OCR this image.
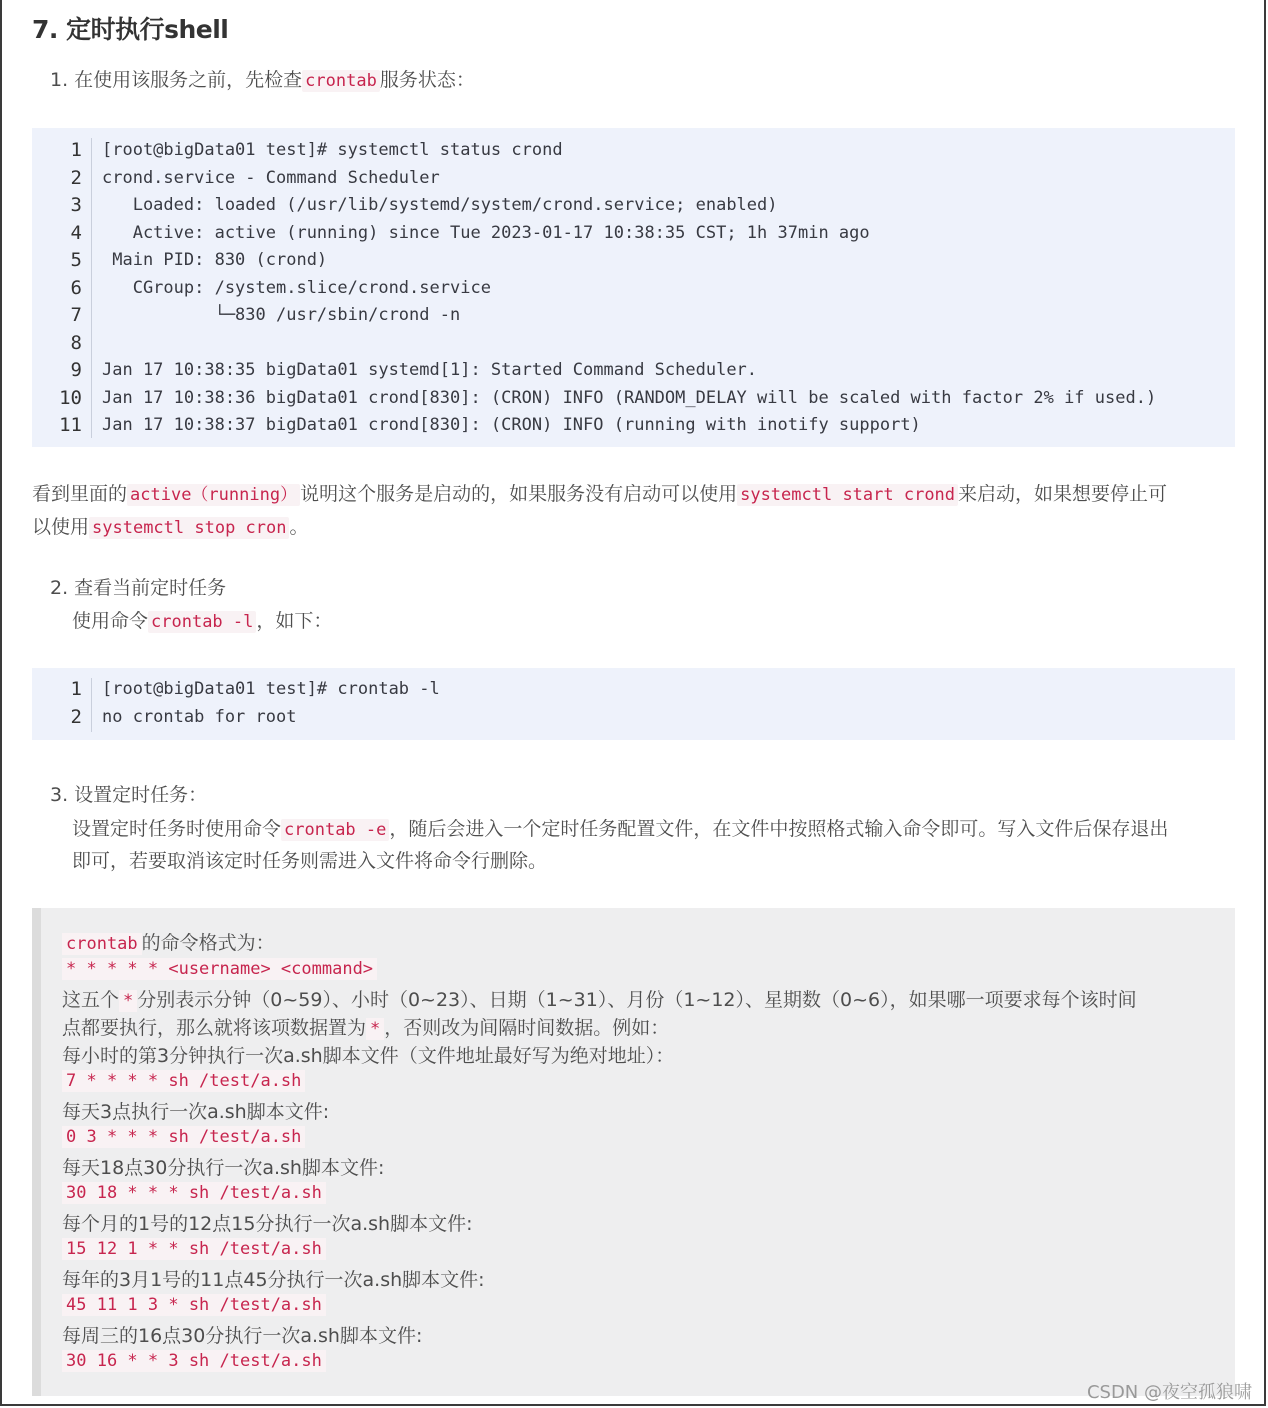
7. 定时执行shell
1. 在使用该服务之前，先检查 crontab 服务状态：
1 [root@bigData01 test]# systemctl status crond
2 crond.service - Command Scheduler
3 Loaded: loaded (/usr/lib/systemd/system/crond.service; enabled)
4 Active: active (running) since Tue 2023-01-17 10:38:35 CST; 1h 37min ago
5 Main PID: 830 (crond)
6 CGroup: /system.slice/crond.service
7 └─830 /usr/sbin/crond -n
8
9 Jan 17 10:38:35 bigData01 systemd[1]: Started Command Scheduler.
10 Jan 17 10:38:36 bigData01 crond[830]: (CRON) INFO (RANDOM_DELAY will be scaled with factor 2% if used.)
11 Jan 17 10:38:37 bigData01 crond[830]: (CRON) INFO (running with inotify support)
看到里面的 active（running） 说明这个服务是启动的，如果服务没有启动可以使用 systemctl start crond 来启动，如果想要停止可
以使用 systemctl stop cron 。
2. 查看当前定时任务
使用命令 crontab -l ，如下：
1 [root@bigData01 test]# crontab -l
2 no crontab for root
3. 设置定时任务：
设置定时任务时使用命令 crontab -e ，随后会进入一个定时任务配置文件，在文件中按照格式输入命令即可。写入文件后保存退出
即可，若要取消该定时任务则需进入文件将命令行删除。
crontab 的命令格式为：
* * * * * <username> <command>
这五个 * 分别表示分钟（0~59）、小时（0~23）、日期（1~31）、月份（1~12）、星期数（0~6），如果哪一项要求每个该时间
点都要执行，那么就将该项数据置为 * ，否则改为间隔时间数据。例如：
每小时的第3分钟执行一次a.sh脚本文件（文件地址最好写为绝对地址）：
7 * * * * sh /test/a.sh
每天3点执行一次a.sh脚本文件:
0 3 * * * sh /test/a.sh
每天18点30分执行一次a.sh脚本文件:
30 18 * * * sh /test/a.sh
每个月的1号的12点15分执行一次a.sh脚本文件:
15 12 1 * * sh /test/a.sh
每年的3月1号的11点45分执行一次a.sh脚本文件:
45 11 1 3 * sh /test/a.sh
每周三的16点30分执行一次a.sh脚本文件:
30 16 * * 3 sh /test/a.sh
CSDN @夜空孤狼啸
